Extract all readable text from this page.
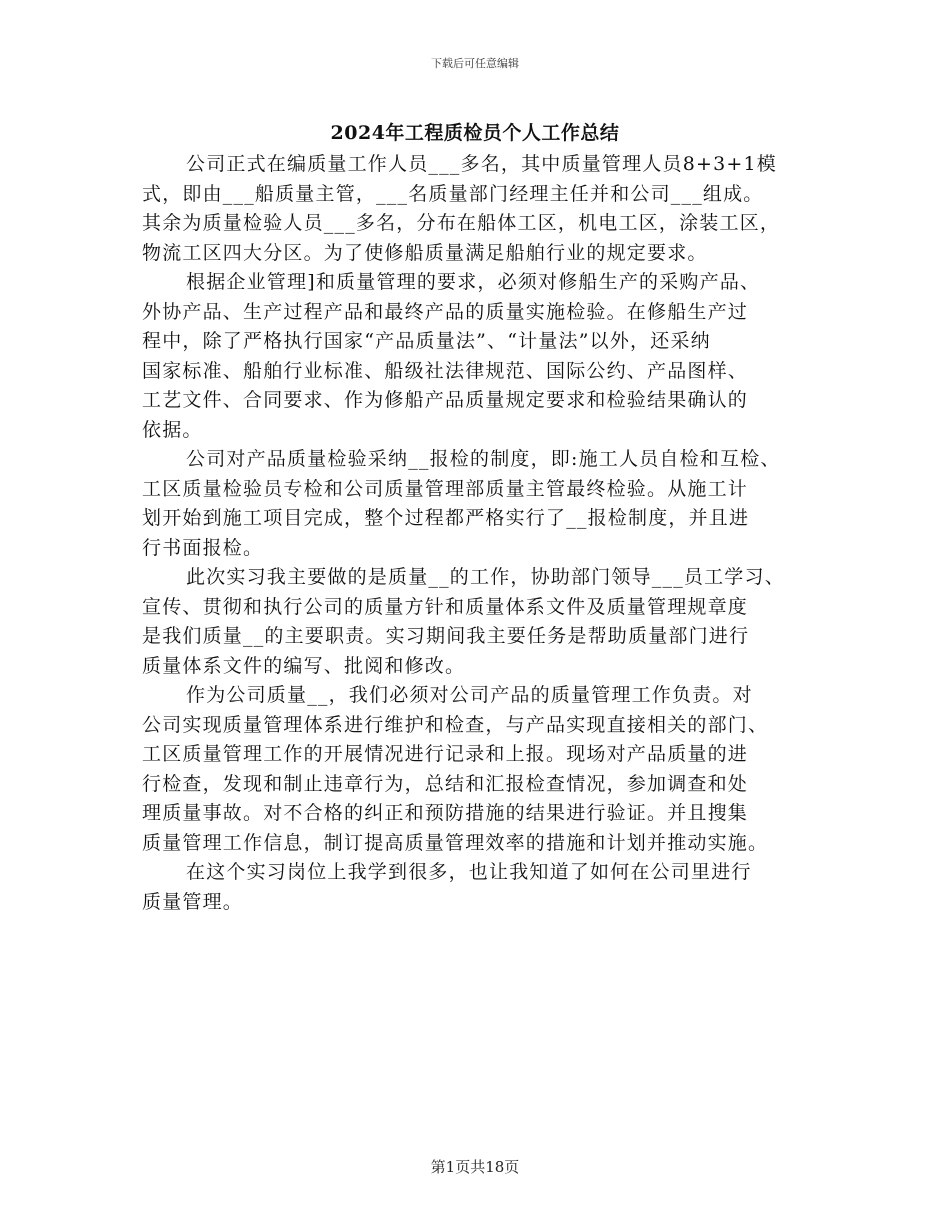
下载后可任意编辑
2024年工程质检员个人工作总结
公司正式在编质量工作人员___多名，其中质量管理人员8+3+1模
式，即由___船质量主管，___名质量部门经理主任并和公司___组成。
其余为质量检验人员___多名，分布在船体工区，机电工区，涂装工区，
物流工区四大分区。为了使修船质量满足船舶行业的规定要求。
根据企业管理]和质量管理的要求，必须对修船生产的采购产品、
外协产品、生产过程产品和最终产品的质量实施检验。在修船生产过
程中，除了严格执行国家“产品质量法”、“计量法”以外，还采纳
国家标准、船舶行业标准、船级社法律规范、国际公约、产品图样、
工艺文件、合同要求、作为修船产品质量规定要求和检验结果确认的
依据。
公司对产品质量检验采纳__报检的制度，即:施工人员自检和互检、
工区质量检验员专检和公司质量管理部质量主管最终检验。从施工计
划开始到施工项目完成，整个过程都严格实行了__报检制度，并且进
行书面报检。
此次实习我主要做的是质量__的工作，协助部门领导___员工学习、
宣传、贯彻和执行公司的质量方针和质量体系文件及质量管理规章度
是我们质量__的主要职责。实习期间我主要任务是帮助质量部门进行
质量体系文件的编写、批阅和修改。
作为公司质量__，我们必须对公司产品的质量管理工作负责。对
公司实现质量管理体系进行维护和检查，与产品实现直接相关的部门、
工区质量管理工作的开展情况进行记录和上报。现场对产品质量的进
行检查，发现和制止违章行为，总结和汇报检查情况，参加调查和处
理质量事故。对不合格的纠正和预防措施的结果进行验证。并且搜集
质量管理工作信息，制订提高质量管理效率的措施和计划并推动实施。
在这个实习岗位上我学到很多，也让我知道了如何在公司里进行
质量管理。
第1页共18页
